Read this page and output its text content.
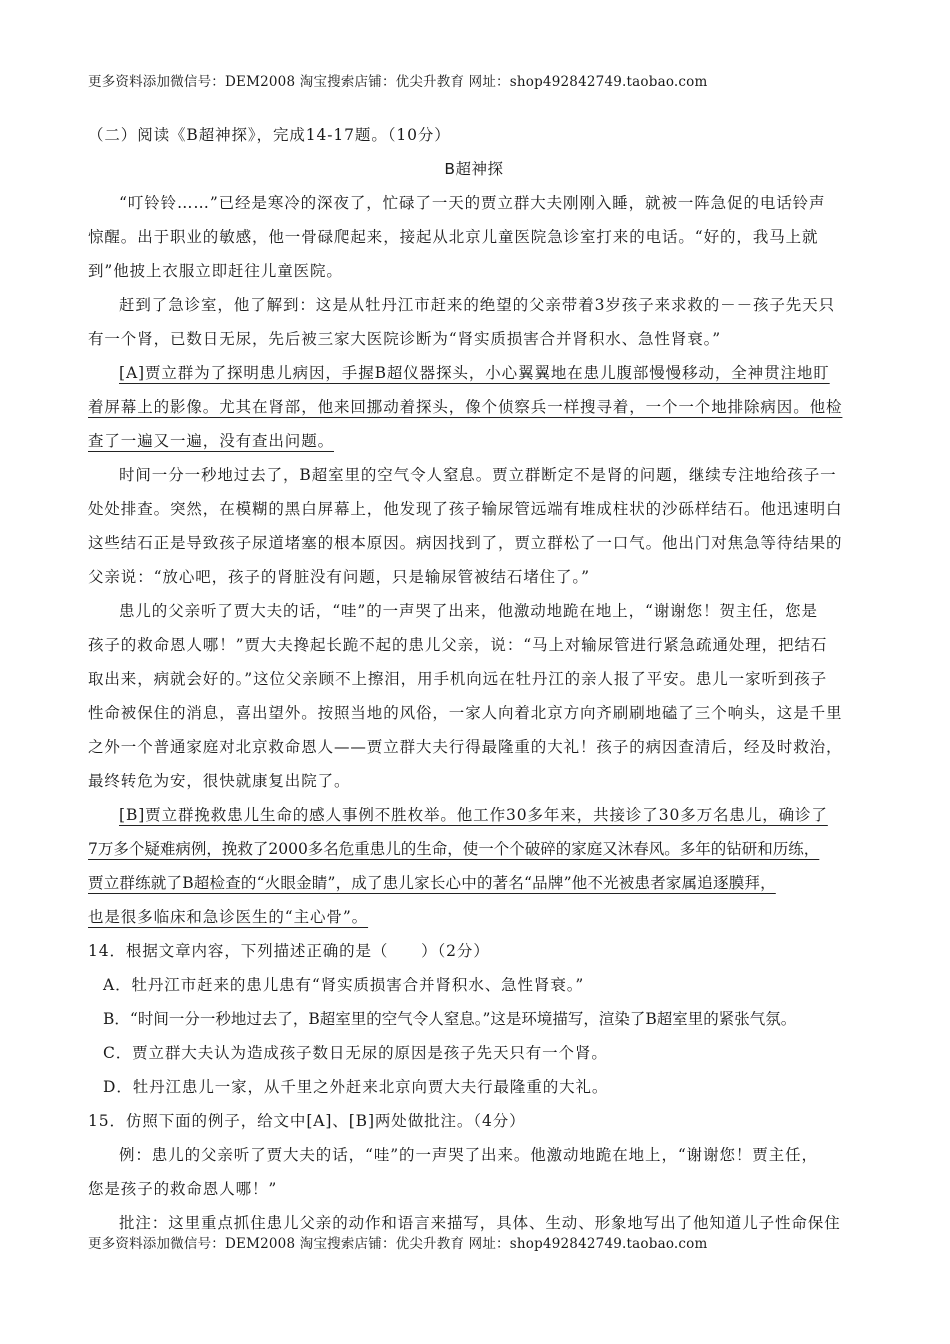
更多资料添加微信号：DEM2008 淘宝搜索店铺：优尖升教育 网址：shop492842749.taobao.com
（二）阅读《B超神探》，完成14-17题。（10分）
B超神探
“叮铃铃……”已经是寒冷的深夜了，忙碌了一天的贾立群大夫刚刚入睡，就被一阵急促的电话铃声
惊醒。出于职业的敏感，他一骨碌爬起来，接起从北京儿童医院急诊室打来的电话。“好的，我马上就
到”他披上衣服立即赶往儿童医院。
赶到了急诊室，他了解到：这是从牡丹江市赶来的绝望的父亲带着3岁孩子来求救的－－孩子先天只
有一个肾，已数日无尿，先后被三家大医院诊断为“肾实质损害合并肾积水、急性肾衰。”
[A]贾立群为了探明患儿病因，手握B超仪器探头，小心翼翼地在患儿腹部慢慢移动，全神贯注地盯
着屏幕上的影像。尤其在肾部，他来回挪动着探头，像个侦察兵一样搜寻着，一个一个地排除病因。他检
查了一遍又一遍，没有查出问题。
时间一分一秒地过去了，B超室里的空气令人窒息。贾立群断定不是肾的问题，继续专注地给孩子一
处处排查。突然，在模糊的黑白屏幕上，他发现了孩子输尿管远端有堆成柱状的沙砾样结石。他迅速明白
这些结石正是导致孩子尿道堵塞的根本原因。病因找到了，贾立群松了一口气。他出门对焦急等待结果的
父亲说：“放心吧，孩子的肾脏没有问题，只是输尿管被结石堵住了。”
患儿的父亲听了贾大夫的话，“哇”的一声哭了出来，他激动地跪在地上，“谢谢您！贺主任，您是
孩子的救命恩人哪！”贾大夫搀起长跪不起的患儿父亲，说：“马上对输尿管进行紧急疏通处理，把结石
取出来，病就会好的。”这位父亲顾不上擦泪，用手机向远在牡丹江的亲人报了平安。患儿一家听到孩子
性命被保住的消息，喜出望外。按照当地的风俗，一家人向着北京方向齐刷刷地磕了三个响头，这是千里
之外一个普通家庭对北京救命恩人——贾立群大夫行得最隆重的大礼！孩子的病因查清后，经及时救治，
最终转危为安，很快就康复出院了。
[B]贾立群挽救患儿生命的感人事例不胜枚举。他工作30多年来，共接诊了30多万名患儿，确诊了
7万多个疑难病例，挽救了2000多名危重患儿的生命，使一个个破碎的家庭又沐春风。多年的钻研和历练，
贾立群练就了B超检查的“火眼金睛”，成了患儿家长心中的著名“品牌”他不光被患者家属追逐膜拜，
也是很多临床和急诊医生的“主心骨”。
14．根据文章内容，下列描述正确的是（　　）（2分）
A．牡丹江市赶来的患儿患有“肾实质损害合并肾积水、急性肾衰。”
B．“时间一分一秒地过去了，B超室里的空气令人窒息。”这是环境描写，渲染了B超室里的紧张气氛。
C．贾立群大夫认为造成孩子数日无尿的原因是孩子先天只有一个肾。
D．牡丹江患儿一家，从千里之外赶来北京向贾大夫行最隆重的大礼。
15．仿照下面的例子，给文中[A]、[B]两处做批注。（4分）
例：患儿的父亲听了贾大夫的话，“哇”的一声哭了出来。他激动地跪在地上，“谢谢您！贾主任，
您是孩子的救命恩人哪！”
批注：这里重点抓住患儿父亲的动作和语言来描写，具体、生动、形象地写出了他知道儿子性命保住
更多资料添加微信号：DEM2008 淘宝搜索店铺：优尖升教育 网址：shop492842749.taobao.com
